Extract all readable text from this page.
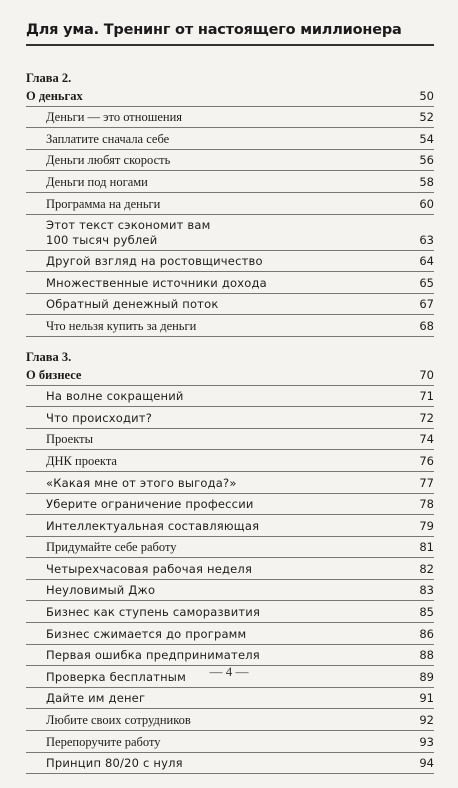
Для ума. Тренинг от настоящего миллионера
Глава 2.
О деньгах	50
Деньги — это отношения	52
Заплатите сначала себе	54
Деньги любят скорость	56
Деньги под ногами	58
Программа на деньги	60
Этот текст сэкономит вам
100 тысяч рублей	63
Другой взгляд на ростовщичество	64
Множественные источники дохода	65
Обратный денежный поток	67
Что нельзя купить за деньги	68
Глава 3.
О бизнесе	70
На волне сокращений	71
Что происходит?	72
Проекты	74
ДНК проекта	76
«Какая мне от этого выгода?»	77
Уберите ограничение профессии	78
Интеллектуальная составляющая	79
Придумайте себе работу	81
Четырехчасовая рабочая неделя	82
Неуловимый Джо	83
Бизнес как ступень саморазвития	85
Бизнес сжимается до программ	86
Первая ошибка предпринимателя	88
Проверка бесплатным	89
Дайте им денег	91
Любите своих сотрудников	92
Перепоручите работу	93
Принцип 80/20 с нуля	94
— 4 —
